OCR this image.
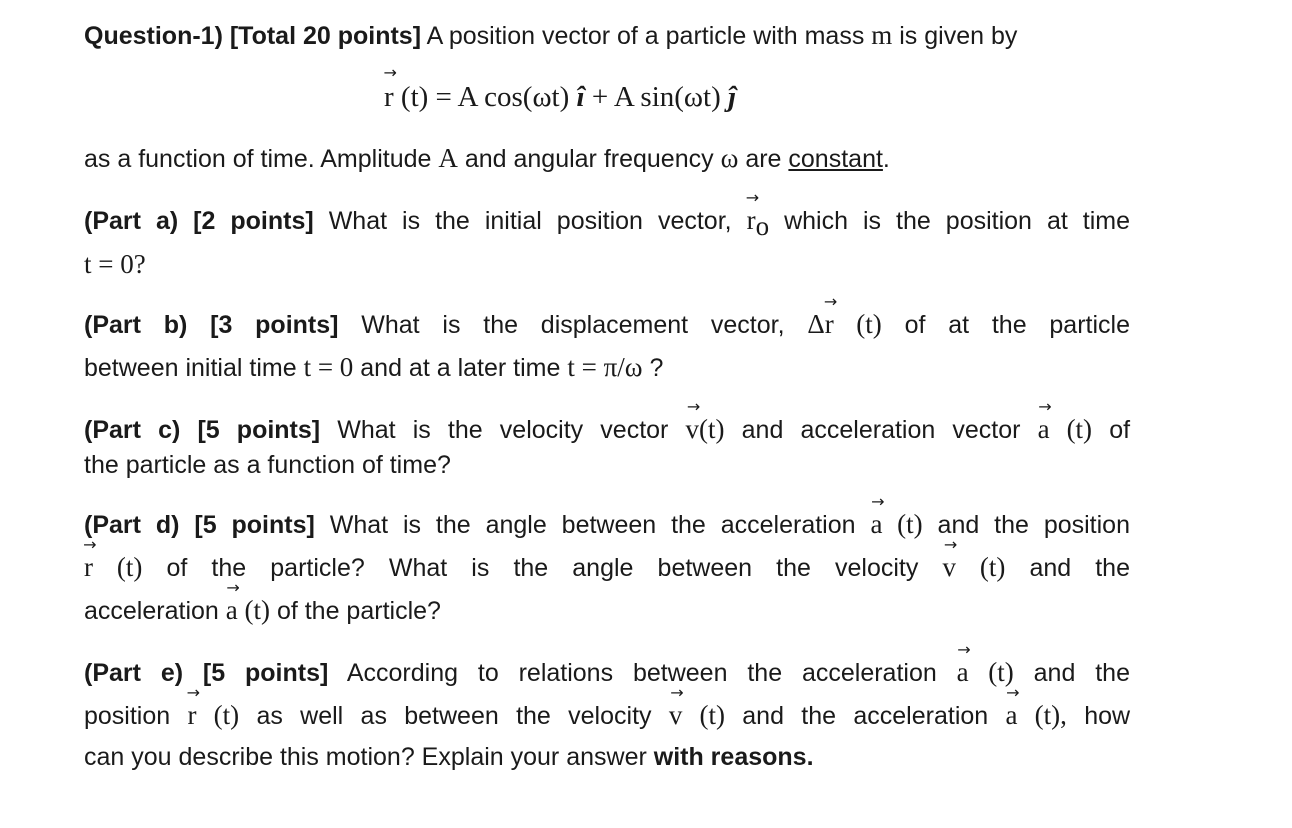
Question-1) [Total 20 points] A position vector of a particle with mass m is given by
r
→
(t) = A cos(ωt) î + A sin(ωt) ĵ
as a function of time. Amplitude A and angular frequency ω are constant.
(Part a) [2 points] What is the initial position vector, r
→
$_o$ which is the position at time
t = 0?
(Part b) [3 points] What is the displacement vector, Δr
→
(t) of at the particle
between initial time t = 0 and at a later time t = π/ω ?
(Part c) [5 points] What is the velocity vector v
→
(t) and acceleration vector a
→
(t) of
the particle as a function of time?
(Part d) [5 points] What is the angle between the acceleration a
→
(t) and the position
r
→
(t) of the particle? What is the angle between the velocity v
→
(t) and the
acceleration a
→
(t) of the particle?
(Part e) [5 points] According to relations between the acceleration a
→
(t) and the
position r
→
(t) as well as between the velocity v
→
(t) and the acceleration a
→
(t), how
can you describe this motion? Explain your answer with reasons.
